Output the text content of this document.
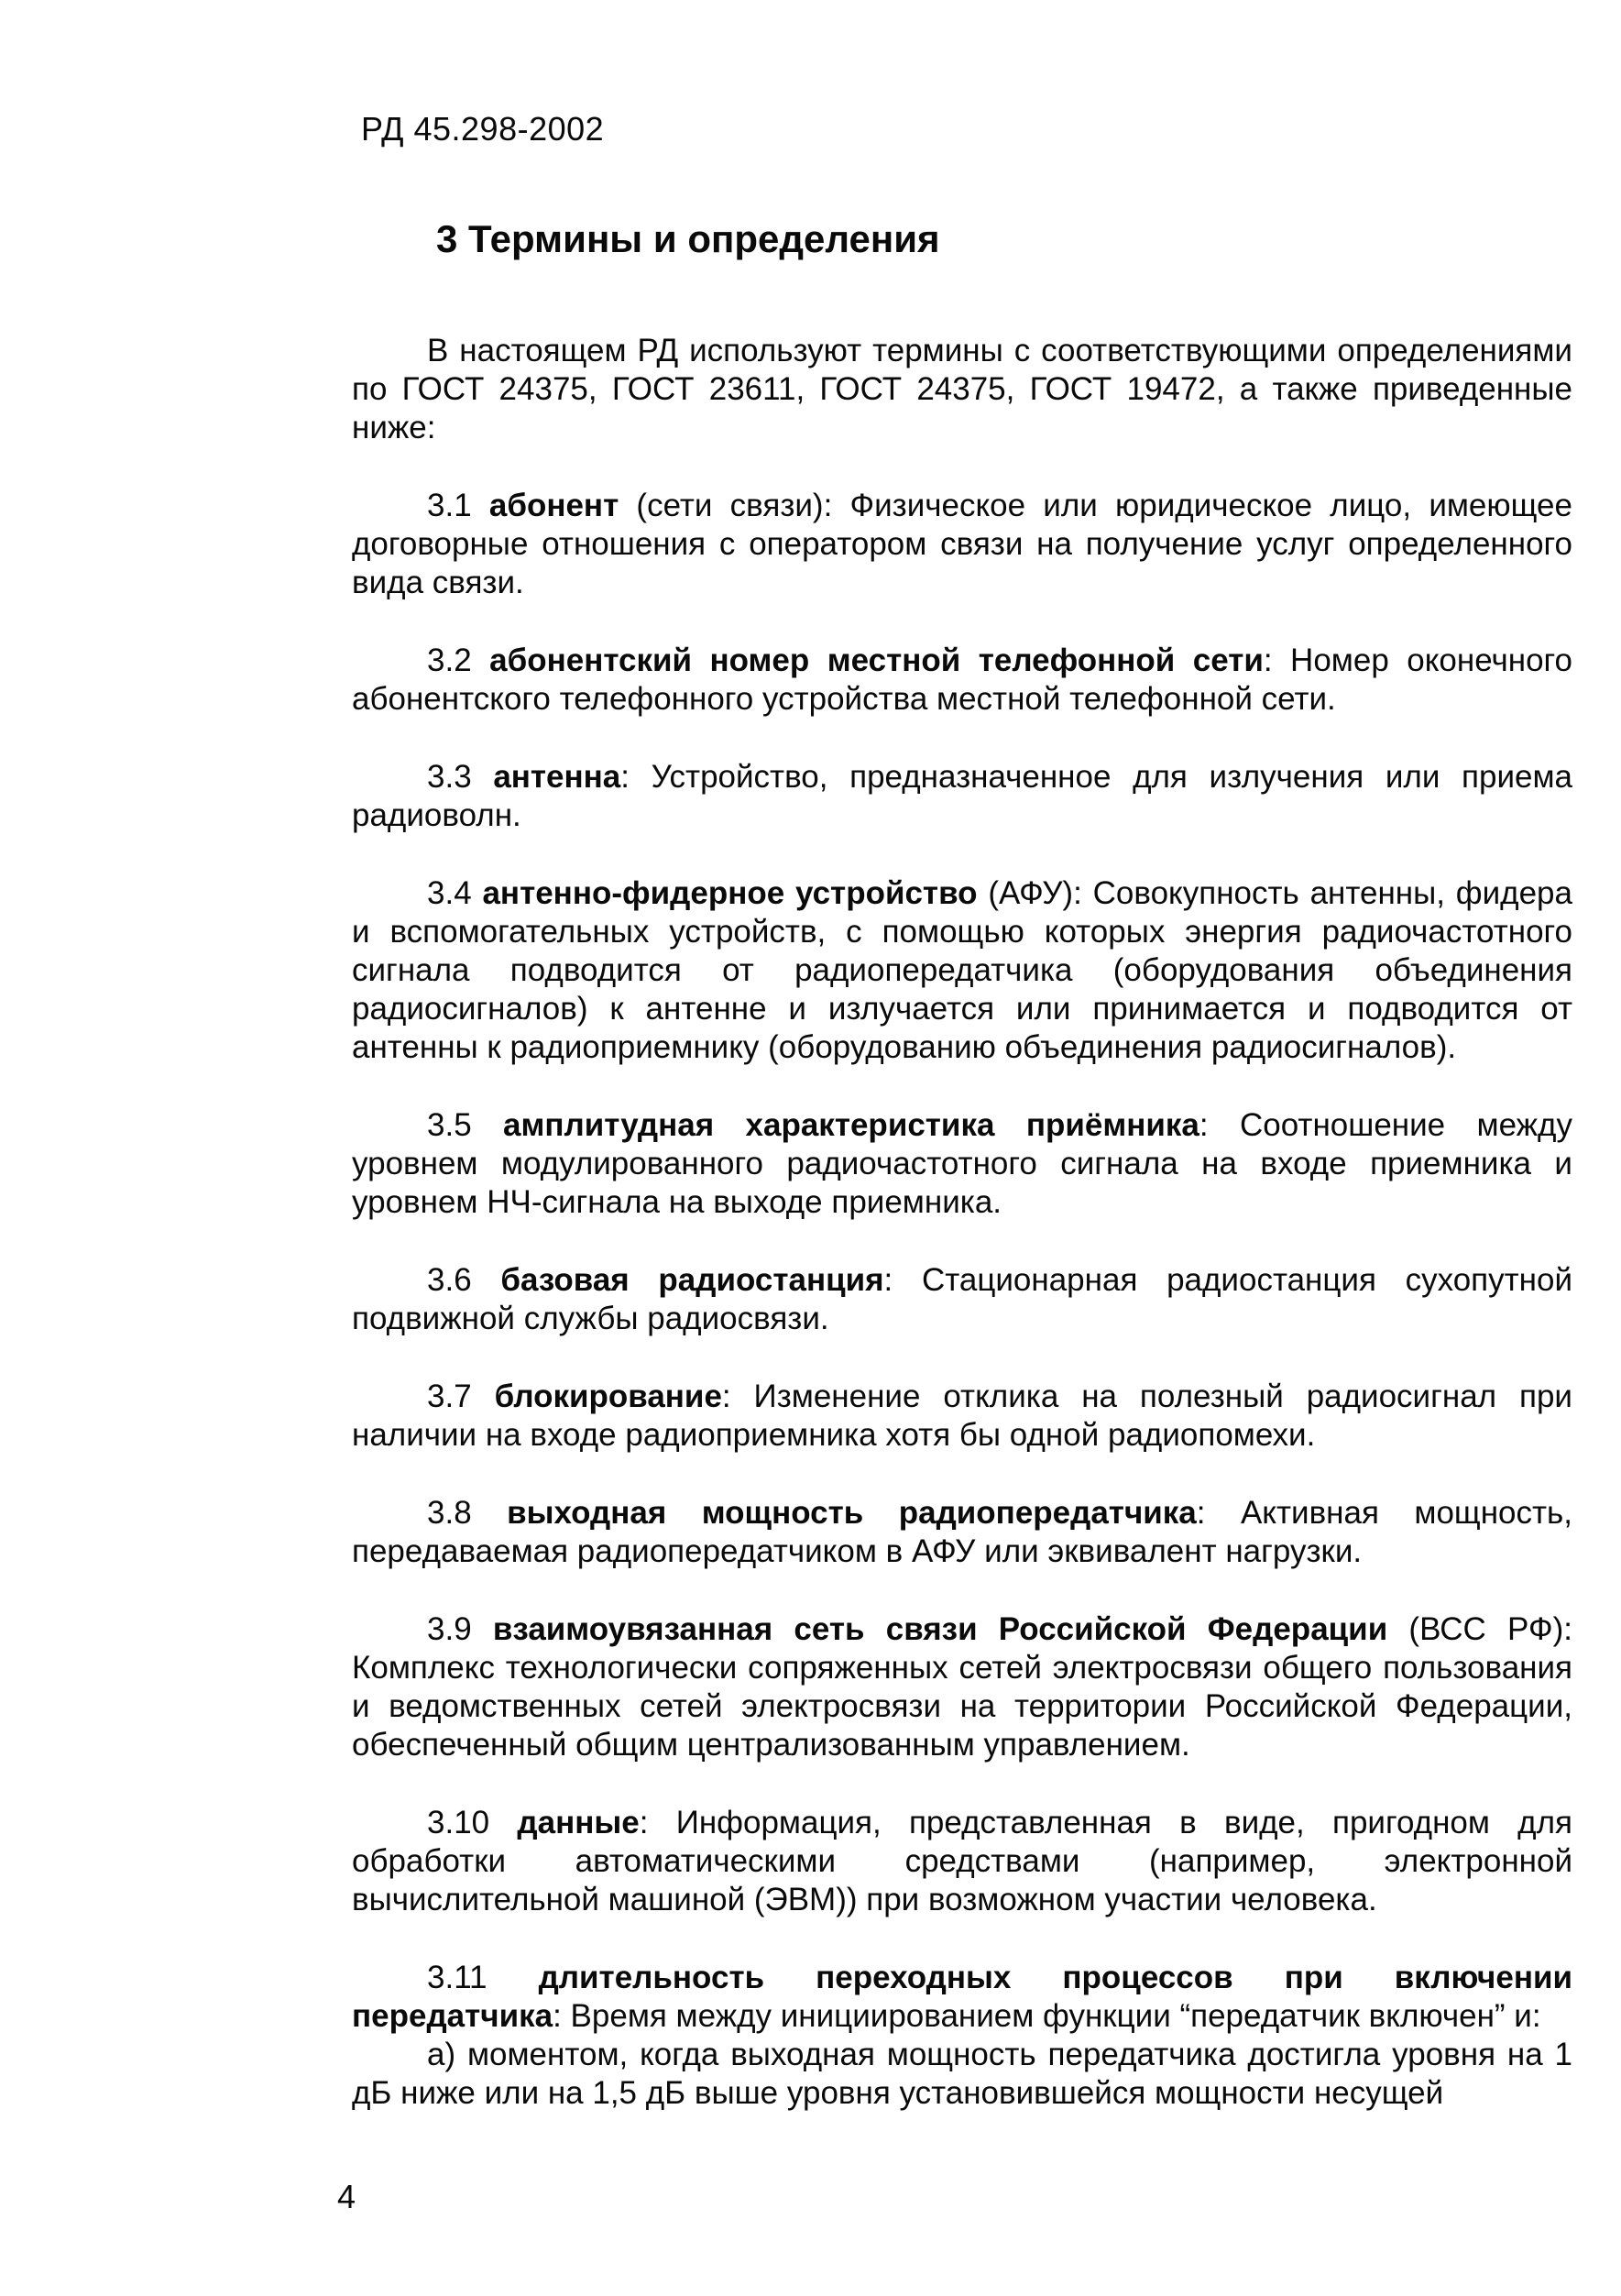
РД 45.298-2002
3 Термины и определения

В настоящем РД используют термины с соответствующими определениями по ГОСТ 24375, ГОСТ 23611, ГОСТ 24375, ГОСТ 19472, а также приведенные ниже:

3.1 абонент (сети связи): Физическое или юридическое лицо, имеющее договорные отношения с оператором связи на получение услуг определенного вида связи.

3.2 абонентский номер местной телефонной сети: Номер оконечного абонентского телефонного устройства местной телефонной сети.

3.3 антенна: Устройство, предназначенное для излучения или приема радиоволн.

3.4 антенно-фидерное устройство (АФУ): Совокупность антенны, фидера и вспомогательных устройств, с помощью которых энергия радиочастотного сигнала подводится от радиопередатчика (оборудования объединения радиосигналов) к антенне и излучается или принимается и подводится от антенны к радиоприемнику (оборудованию объединения радиосигналов).

3.5 амплитудная характеристика приёмника: Соотношение между уровнем модулированного радиочастотного сигнала на входе приемника и уровнем НЧ-сигнала на выходе приемника.

3.6 базовая радиостанция: Стационарная радиостанция сухопутной подвижной службы радиосвязи.

3.7 блокирование: Изменение отклика на полезный радиосигнал при наличии на входе радиоприемника хотя бы одной радиопомехи.

3.8 выходная мощность радиопередатчика: Активная мощность, передаваемая радиопередатчиком в АФУ или эквивалент нагрузки.

3.9 взаимоувязанная сеть связи Российской Федерации (ВСС РФ): Комплекс технологически сопряженных сетей электросвязи общего пользования и ведомственных сетей электросвязи на территории Российской Федерации, обеспеченный общим централизованным управлением.

3.10 данные: Информация, представленная в виде, пригодном для обработки автоматическими средствами (например, электронной вычислительной машиной (ЭВМ)) при возможном участии человека.

3.11 длительность переходных процессов при включении передатчика: Время между инициированием функции “передатчик включен” и:

а) моментом, когда выходная мощность передатчика достигла уровня на 1 дБ ниже или на 1,5 дБ выше уровня установившейся мощности несущей

4
